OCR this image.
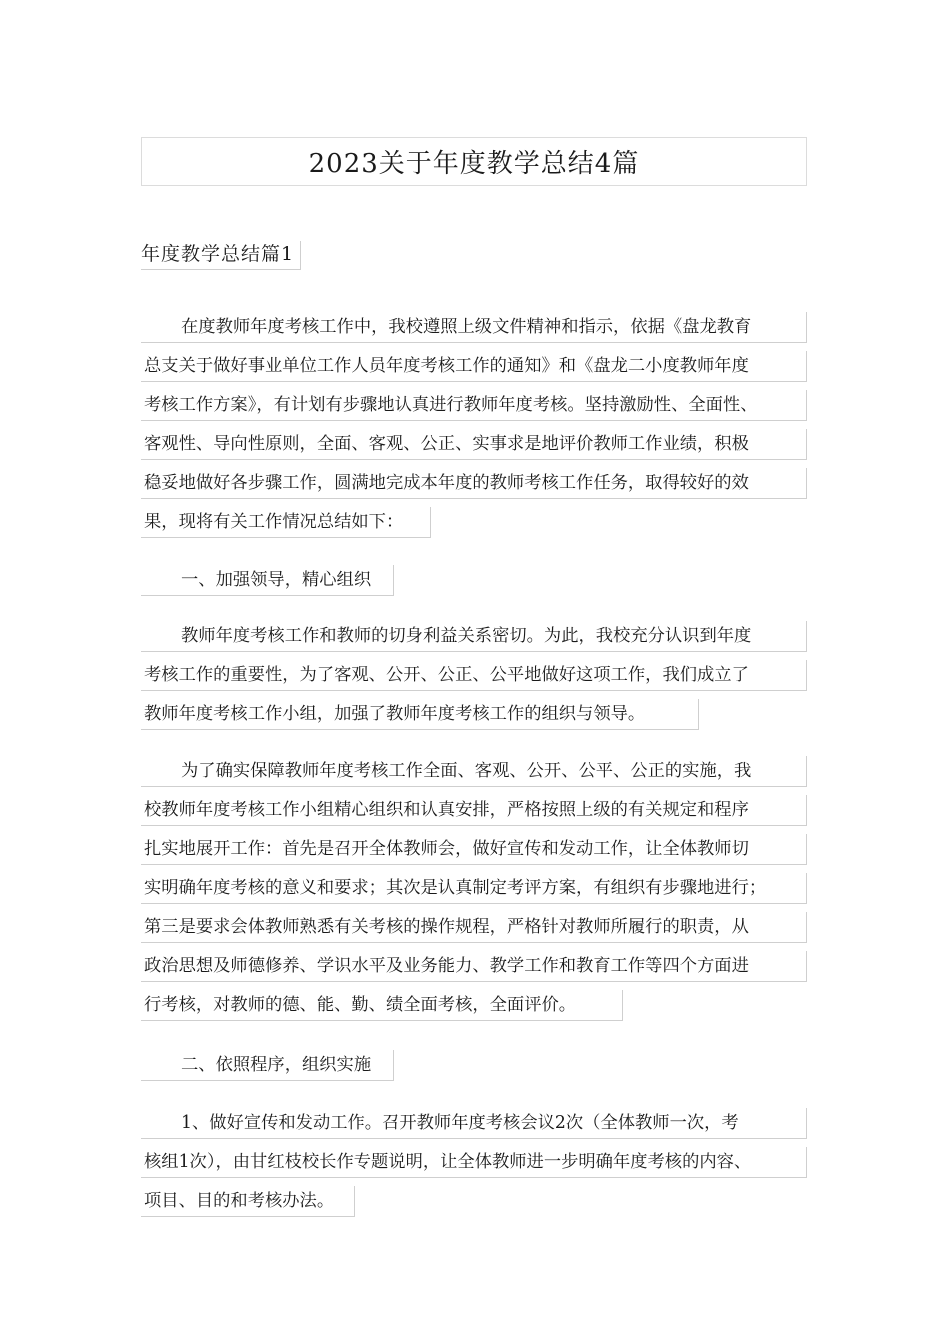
2023关于年度教学总结4篇
年度教学总结篇1
在度教师年度考核工作中，我校遵照上级文件精神和指示，依据《盘龙教育
总支关于做好事业单位工作人员年度考核工作的通知》和《盘龙二小度教师年度
考核工作方案》，有计划有步骤地认真进行教师年度考核。坚持激励性、全面性、
客观性、导向性原则，全面、客观、公正、实事求是地评价教师工作业绩，积极
稳妥地做好各步骤工作，圆满地完成本年度的教师考核工作任务，取得较好的效
果，现将有关工作情况总结如下：
一、加强领导，精心组织
教师年度考核工作和教师的切身利益关系密切。为此，我校充分认识到年度
考核工作的重要性，为了客观、公开、公正、公平地做好这项工作，我们成立了
教师年度考核工作小组，加强了教师年度考核工作的组织与领导。
为了确实保障教师年度考核工作全面、客观、公开、公平、公正的实施，我
校教师年度考核工作小组精心组织和认真安排，严格按照上级的有关规定和程序
扎实地展开工作：首先是召开全体教师会，做好宣传和发动工作，让全体教师切
实明确年度考核的意义和要求；其次是认真制定考评方案，有组织有步骤地进行；
第三是要求会体教师熟悉有关考核的操作规程，严格针对教师所履行的职责，从
政治思想及师德修养、学识水平及业务能力、教学工作和教育工作等四个方面进
行考核，对教师的德、能、勤、绩全面考核，全面评价。
二、依照程序，组织实施
1、做好宣传和发动工作。召开教师年度考核会议2次（全体教师一次，考
核组1次），由甘红枝校长作专题说明，让全体教师进一步明确年度考核的内容、
项目、目的和考核办法。
